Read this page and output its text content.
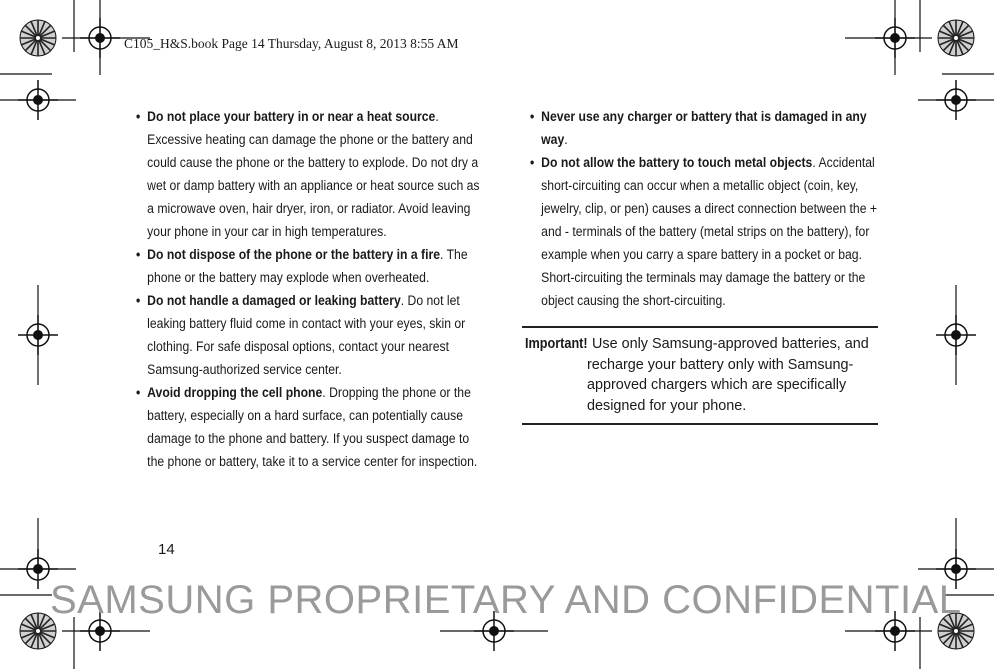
C105_H&S.book Page 14 Thursday, August 8, 2013 8:55 AM
• Do not place your battery in or near a heat source. Excessive heating can damage the phone or the battery and could cause the phone or the battery to explode. Do not dry a wet or damp battery with an appliance or heat source such as a microwave oven, hair dryer, iron, or radiator. Avoid leaving your phone in your car in high temperatures.
• Do not dispose of the phone or the battery in a fire. The phone or the battery may explode when overheated.
• Do not handle a damaged or leaking battery. Do not let leaking battery fluid come in contact with your eyes, skin or clothing. For safe disposal options, contact your nearest Samsung-authorized service center.
• Avoid dropping the cell phone. Dropping the phone or the battery, especially on a hard surface, can potentially cause damage to the phone and battery. If you suspect damage to the phone or battery, take it to a service center for inspection.
• Never use any charger or battery that is damaged in any way.
• Do not allow the battery to touch metal objects. Accidental short-circuiting can occur when a metallic object (coin, key, jewelry, clip, or pen) causes a direct connection between the + and - terminals of the battery (metal strips on the battery), for example when you carry a spare battery in a pocket or bag. Short-circuiting the terminals may damage the battery or the object causing the short-circuiting.
Important! Use only Samsung-approved batteries, and
recharge your battery only with Samsung-approved chargers which are specifically designed for your phone.
14
SAMSUNG PROPRIETARY AND CONFIDENTIAL
